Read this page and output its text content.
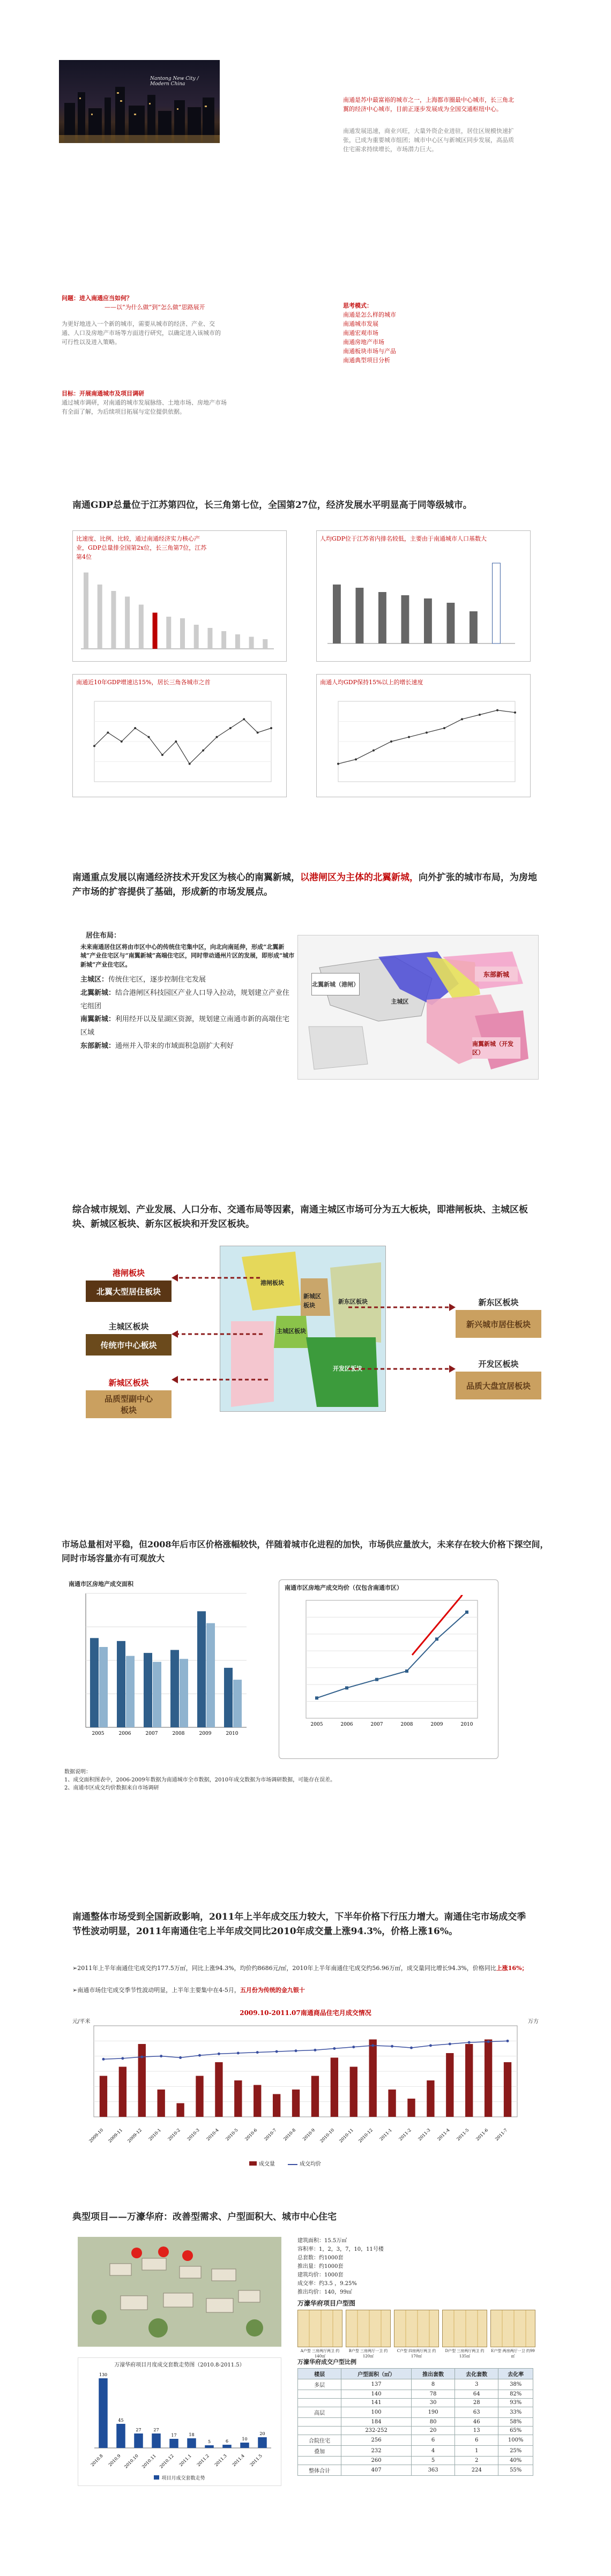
Nantong New City / Modern China
南通是苏中最富裕的城市之一，上海都市圈最中心城市，长三角北翼的经济中心城市，目前正逐步发展成为全国交通枢纽中心。
南通发展迅速，商业兴旺，大量外资企业进驻，居住区规模快速扩张，已成为重要城市组团；城市中心区与新城区同步发展，高品质住宅需求持续增长，市场潜力巨大。
问题：进入南通应当如何？
——以“为什么做”到“怎么做”思路展开
为更好地进入一个新的城市，需要从城市的经济、产业、交通、人口及房地产市场等方面进行研究，以确定进入该城市的可行性以及进入策略。
思考模式：
南通是怎么样的城市
南通城市发展
南通宏观市场
南通房地产市场
南通板块市场与产品
南通典型项目分析
目标：开展南通城市及项目调研
通过城市调研，对南通的城市发展脉络、土地市场、房地产市场有全面了解，为后续项目拓展与定位提供依据。
南通GDP总量位于江苏第四位，长三角第七位，全国第27位，经济发展水平明显高于同等级城市。
比速度、比例、比较，通过南通经济实力核心产业，GDP总量排全国第2x位，长三角第7位，江苏第4位
人均GDP位于江苏省内排名较低，主要由于南通城市人口基数大
南通近10年GDP增速达15%，居长三角各城市之首	南通人均GDP保持15%以上的增长速度
南通重点发展以南通经济技术开发区为核心的南翼新城，以港闸区为主体的北翼新城，向外扩张的城市布局，为房地产市场的扩容提供了基础，形成新的市场发展点。
居住布局：
未来南通居住区将由市区中心的传统住宅集中区，向北向南延伸，形成“北翼新城”产业住宅区与“南翼新城”高端住宅区，同时带动通州片区的发展，即形成“城市新城”产业住宅区。
主城区：传统住宅区，逐步控制住宅发展
北翼新城：结合港闸区科技园区产业人口导入拉动，规划建立产业住宅组团
南翼新城：利用经开以及星湖区资源，规划建立南通市新的高端住宅区域
东部新城：通州并入带来的市域面积急剧扩大利好
北翼新城（港闸）
主城区
东部新城
南翼新城（开发区）
综合城市规划、产业发展、人口分布、交通布局等因素，南通主城区市场可分为五大板块，即港闸板块、主城区板块、新城区板块、新东区板块和开发区板块。
港闸板块
新城区板块
主城区板块
新东区板块
开发区板块
港闸板块
北翼大型居住板块
主城区板块
传统市中心板块
新城区板块
品质型副中心板块
新东区板块
新兴城市居住板块
开发区板块
品质大盘宜居板块
市场总量相对平稳，但2008年后市区价格涨幅较快，伴随着城市化进程的加快，市场供应量放大，未来存在较大价格下探空间，同时市场容量亦有可观放大
南通市区房地产成交面积
2005	2006	2007	2008	2009	2010
南通市区房地产成交均价（仅包含南通市区）
2005	2006	2007	2008	2009	2010
数据说明：
1、成交面积图表中，2006-2009年数据为南通城市全市数据，2010年成交数据为市场调研数据，可能存在误差。
2、南通市区成交均价数据来自市场调研
南通整体市场受到全国新政影响，2011年上半年成交压力较大，下半年价格下行压力增大。南通住宅市场成交季节性波动明显，2011年南通住宅上半年成交同比2010年成交量上涨94.3%，价格上涨16%。
➢2011年上半年南通住宅成交约177.5万㎡，同比上涨94.3%，均价约8686元/㎡，2010年上半年南通住宅成交约56.96万㎡，成交量同比增长94.3%，价格同比上涨16%；
➢南通市场住宅成交季节性波动明显，上半年主要集中在4-5月，五月份为传统的金九银十
2009.10-2011.07南通商品住宅月成交情况
元/平米	万方
2009-10 2009-11 2009-12 2010-1 2010-2 2010-3 2010-4 2010-5 2010-6 2010-7 2010-8 2010-9 2010-10 2010-11 2010-12 2011-1 2011-2 2011-3 2011-4 2011-5 2011-6 2011-7
成交量	成交均价
典型项目——万濠华府：改善型需求、户型面积大、城市中心住宅
建筑面积：15.5万㎡
容积率：1，2，3，7，10，11号楼
总套数：约1000套
推出量：约1000套
建筑均价：1000套
成交率：约3.5 ，9.25%
推出均价：140，99㎡
万濠华府项目户型图
A户型 三房两厅两卫 约140㎡
B户型 三房两厅一卫 约120㎡
C户型 四房两厅两卫 约170㎡
D户型 三房两厅两卫 约135㎡
E户型 两房两厅一卫 约99㎡
万濠华府项目月度成交套数走势图（2010.8-2011.5）
130
2010.8
45
2010.9
27
2010.10
27
2010.11
17
2010.12
18
2011.1
5
2011.2
6
2011.3
10
2011.4
20
2011.5
项目月成交套数走势
万濠华府成交户型比例
楼层	户型面积（㎡）	推出套数	去化套数	去化率
多层	137	8	3	38%
	140	78	64	82%
	141	30	28	93%
高层	100	190	63	33%
	184	80	46	58%
	232-252	20	13	65%
合院住宅	256	6	6	100%
叠加	232	4	1	25%
	260	5	2	40%
整体合计	407	363	224	55%
